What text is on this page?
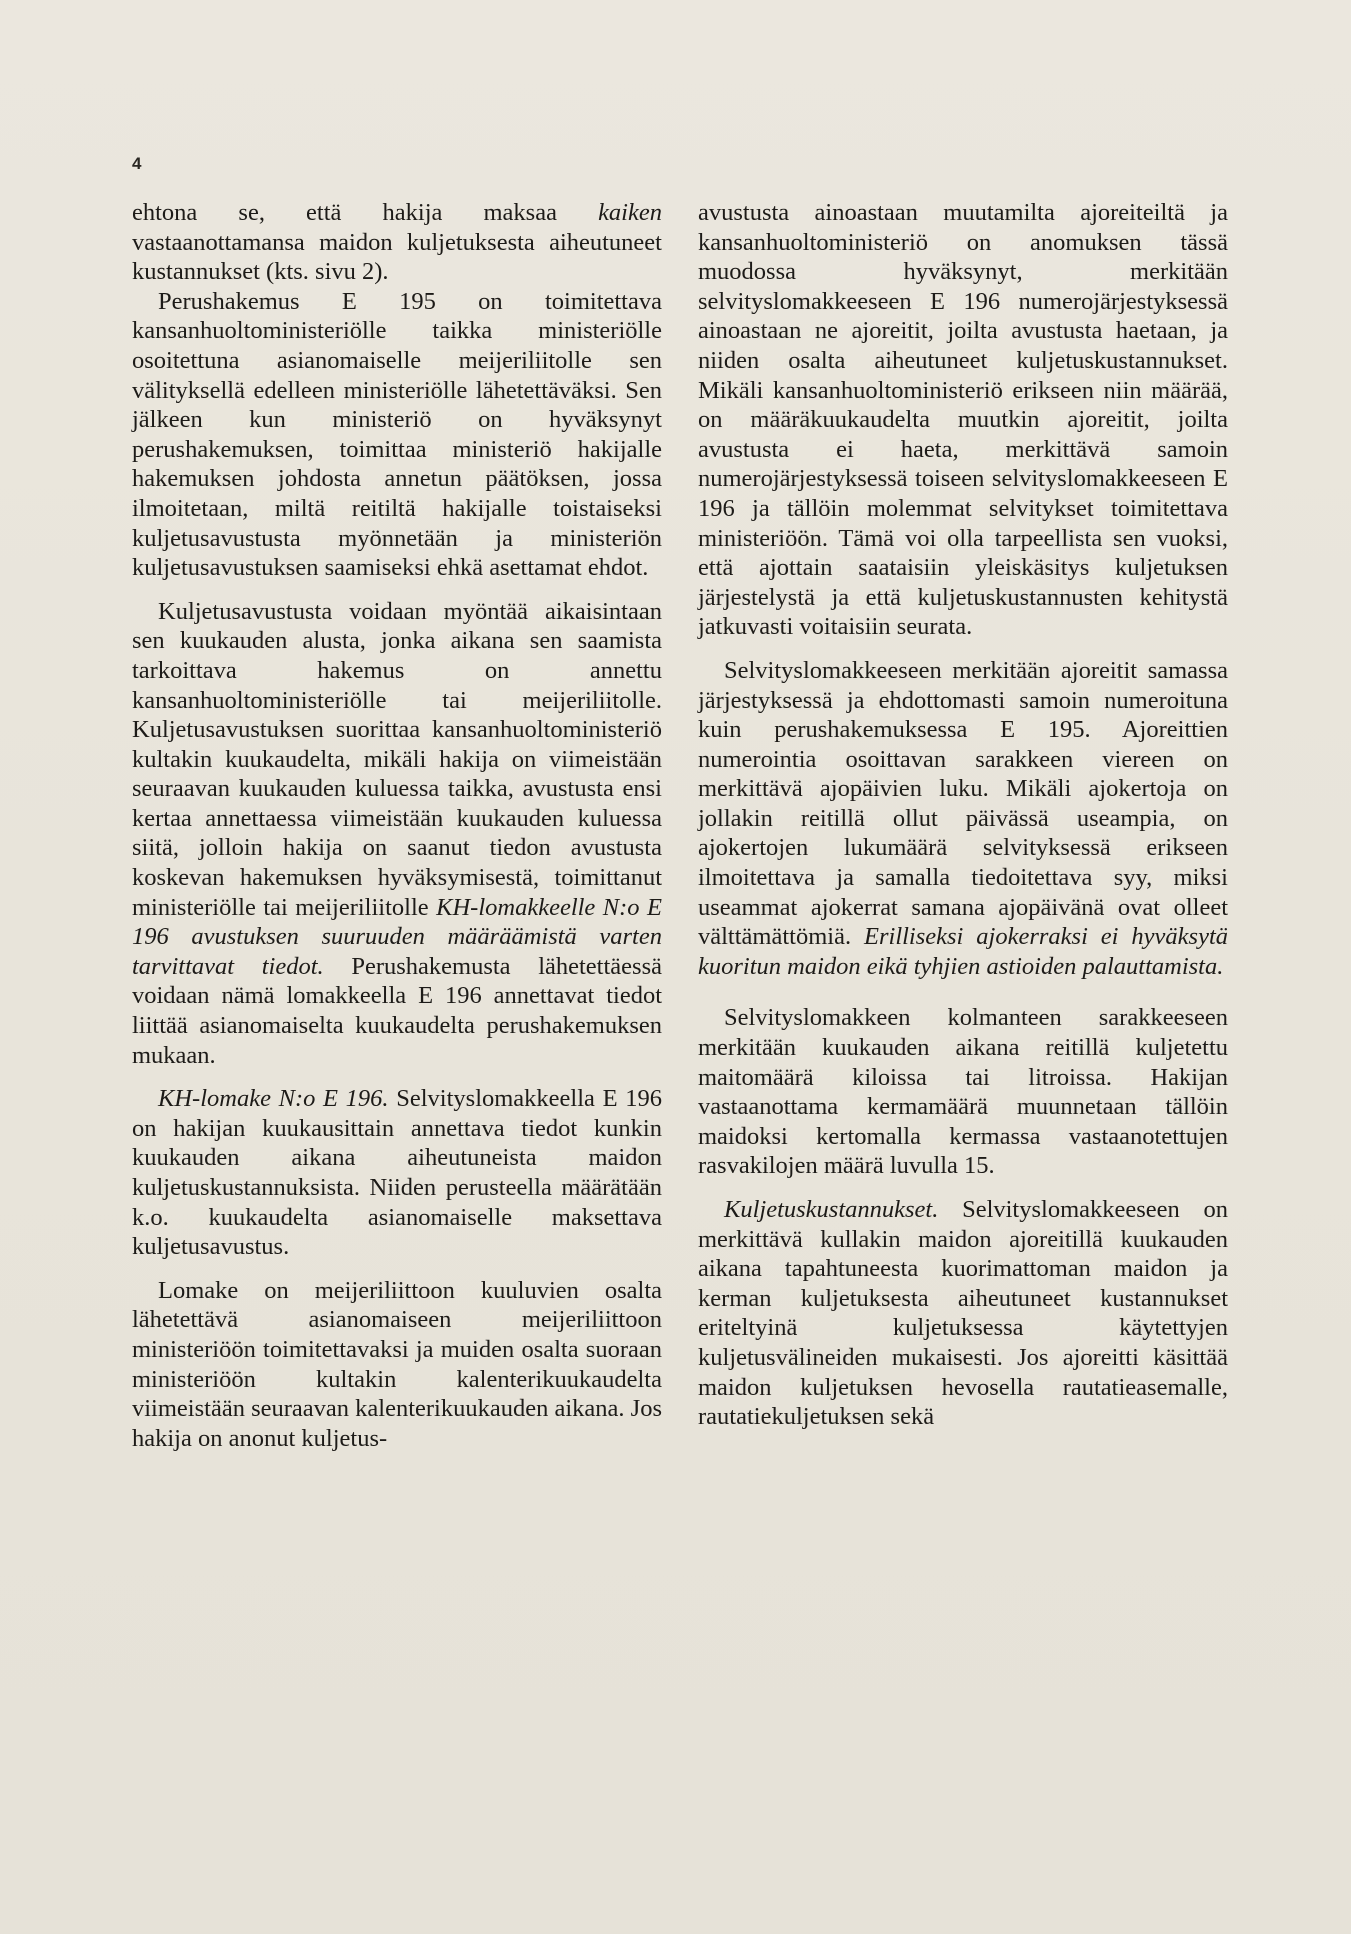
4

ehtona se, että hakija maksaa kaiken vastaanottamansa maidon kuljetuksesta aiheutuneet kustannukset (kts. sivu 2).

Perushakemus E 195 on toimitettava kansanhuoltoministeriölle taikka ministeriölle osoitettuna asianomaiselle meijeriliitolle sen välityksellä edelleen ministeriölle lähetettäväksi. Sen jälkeen kun ministeriö on hyväksynyt perushakemuksen, toimittaa ministeriö hakijalle hakemuksen johdosta annetun päätöksen, jossa ilmoitetaan, miltä reitiltä hakijalle toistaiseksi kuljetusavustusta myönnetään ja ministeriön kuljetusavustuksen saamiseksi ehkä asettamat ehdot.

Kuljetusavustusta voidaan myöntää aikaisintaan sen kuukauden alusta, jonka aikana sen saamista tarkoittava hakemus on annettu kansanhuoltoministeriölle tai meijeriliitolle. Kuljetusavustuksen suorittaa kansanhuoltoministeriö kultakin kuukaudelta, mikäli hakija on viimeistään seuraavan kuukauden kuluessa taikka, avustusta ensi kertaa annettaessa viimeistään kuukauden kuluessa siitä, jolloin hakija on saanut tiedon avustusta koskevan hakemuksen hyväksymisestä, toimittanut ministeriölle tai meijeriliitolle KH-lomakkeelle N:o E 196 avustuksen suuruuden määräämistä varten tarvittavat tiedot. Perushakemusta lähetettäessä voidaan nämä lomakkeella E 196 annettavat tiedot liittää asianomaiselta kuukaudelta perushakemuksen mukaan.

KH-lomake N:o E 196. Selvityslomakkeella E 196 on hakijan kuukausittain annettava tiedot kunkin kuukauden aikana aiheutuneista maidon kuljetuskustannuksista. Niiden perusteella määrätään k.o. kuukaudelta asianomaiselle maksettava kuljetusavustus.

Lomake on meijeriliittoon kuuluvien osalta lähetettävä asianomaiseen meijeriliittoon ministeriöön toimitettavaksi ja muiden osalta suoraan ministeriöön kultakin kalenterikuukaudelta viimeistään seuraavan kalenterikuukauden aikana. Jos hakija on anonut kuljetus-

avustusta ainoastaan muutamilta ajoreiteiltä ja kansanhuoltoministeriö on anomuksen tässä muodossa hyväksynyt, merkitään selvityslomakkeeseen E 196 numerojärjestyksessä ainoastaan ne ajoreitit, joilta avustusta haetaan, ja niiden osalta aiheutuneet kuljetuskustannukset. Mikäli kansanhuoltoministeriö erikseen niin määrää, on määräkuukaudelta muutkin ajoreitit, joilta avustusta ei haeta, merkittävä samoin numerojärjestyksessä toiseen selvityslomakkeeseen E 196 ja tällöin molemmat selvitykset toimitettava ministeriöön. Tämä voi olla tarpeellista sen vuoksi, että ajottain saataisiin yleiskäsitys kuljetuksen järjestelystä ja että kuljetuskustannusten kehitystä jatkuvasti voitaisiin seurata.

Selvityslomakkeeseen merkitään ajoreitit samassa järjestyksessä ja ehdottomasti samoin numeroituna kuin perushakemuksessa E 195. Ajoreittien numerointia osoittavan sarakkeen viereen on merkittävä ajopäivien luku. Mikäli ajokertoja on jollakin reitillä ollut päivässä useampia, on ajokertojen lukumäärä selvityksessä erikseen ilmoitettava ja samalla tiedoitettava syy, miksi useammat ajokerrat samana ajopäivänä ovat olleet välttämättömiä. Erilliseksi ajokerraksi ei hyväksytä kuoritun maidon eikä tyhjien astioiden palauttamista.

Selvityslomakkeen kolmanteen sarakkeeseen merkitään kuukauden aikana reitillä kuljetettu maitomäärä kiloissa tai litroissa. Hakijan vastaanottama kermamäärä muunnetaan tällöin maidoksi kertomalla kermassa vastaanotettujen rasvakilojen määrä luvulla 15.

Kuljetuskustannukset. Selvityslomakkeeseen on merkittävä kullakin maidon ajoreitillä kuukauden aikana tapahtuneesta kuorimattoman maidon ja kerman kuljetuksesta aiheutuneet kustannukset eriteltyinä kuljetuksessa käytettyjen kuljetusvälineiden mukaisesti. Jos ajoreitti käsittää maidon kuljetuksen hevosella rautatieasemalle, rautatiekuljetuksen sekä
